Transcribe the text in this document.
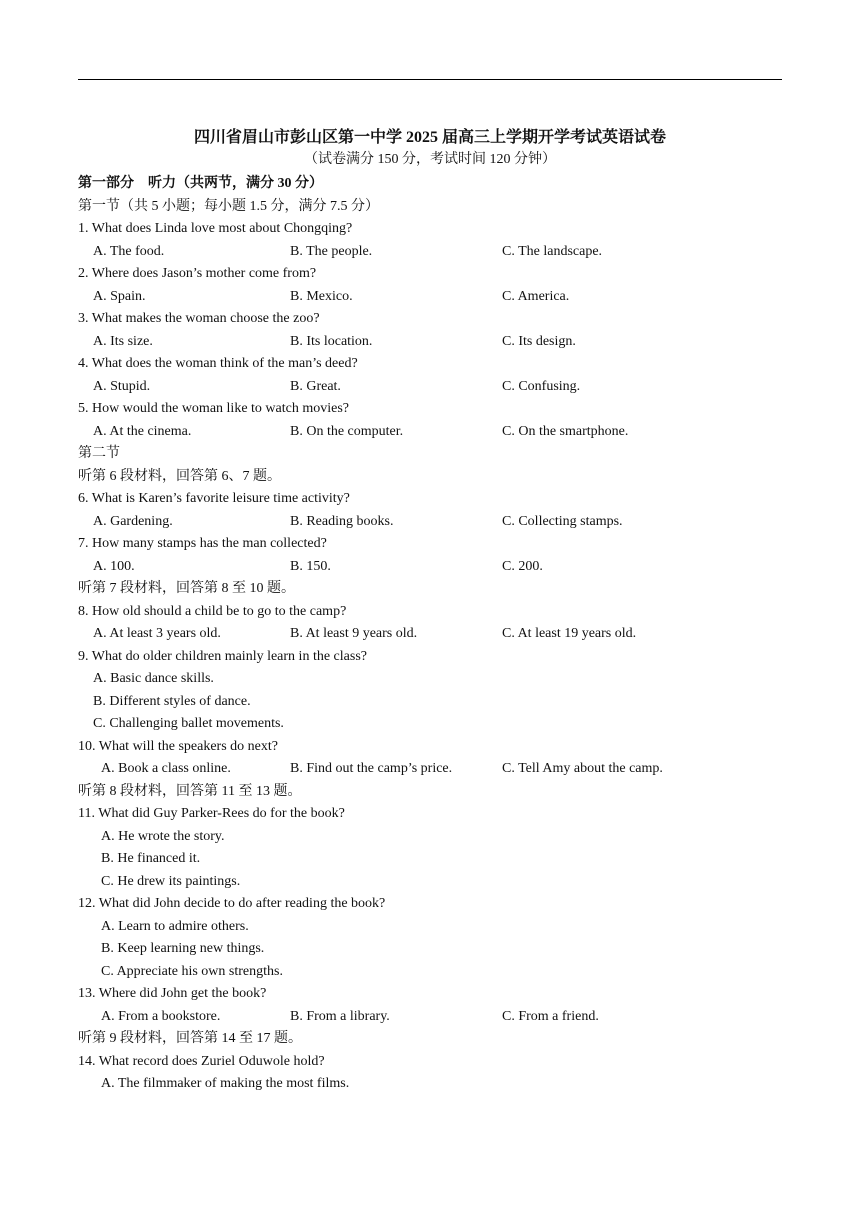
四川省眉山市彭山区第一中学 2025 届高三上学期开学考试英语试卷
（试卷满分 150 分，考试时间 120 分钟）
第一部分　听力（共两节，满分 30 分）
第一节（共 5 小题；每小题 1.5 分，满分 7.5 分）
1. What does Linda love most about Chongqing?
A. The food.	B. The people.	C. The landscape.
2. Where does Jason’s mother come from?
A. Spain.	B. Mexico.	C. America.
3. What makes the woman choose the zoo?
A. Its size.	B. Its location.	C. Its design.
4. What does the woman think of the man’s deed?
A. Stupid.	B. Great.	C. Confusing.
5. How would the woman like to watch movies?
A. At the cinema.	B. On the computer.	C. On the smartphone.
第二节
听第 6 段材料，回答第 6、7 题。
6. What is Karen’s favorite leisure time activity?
A. Gardening.	B. Reading books.	C. Collecting stamps.
7. How many stamps has the man collected?
A. 100.	B. 150.	C. 200.
听第 7 段材料，回答第 8 至 10 题。
8. How old should a child be to go to the camp?
A. At least 3 years old.	B. At least 9 years old.	C. At least 19 years old.
9. What do older children mainly learn in the class?
A. Basic dance skills.
B. Different styles of dance.
C. Challenging ballet movements.
10. What will the speakers do next?
A. Book a class online.	B. Find out the camp’s price.	C. Tell Amy about the camp.
听第 8 段材料，回答第 11 至 13 题。
11. What did Guy Parker-Rees do for the book?
A. He wrote the story.
B. He financed it.
C. He drew its paintings.
12. What did John decide to do after reading the book?
A. Learn to admire others.
B. Keep learning new things.
C. Appreciate his own strengths.
13. Where did John get the book?
A. From a bookstore.	B. From a library.	C. From a friend.
听第 9 段材料，回答第 14 至 17 题。
14. What record does Zuriel Oduwole hold?
A. The filmmaker of making the most films.
